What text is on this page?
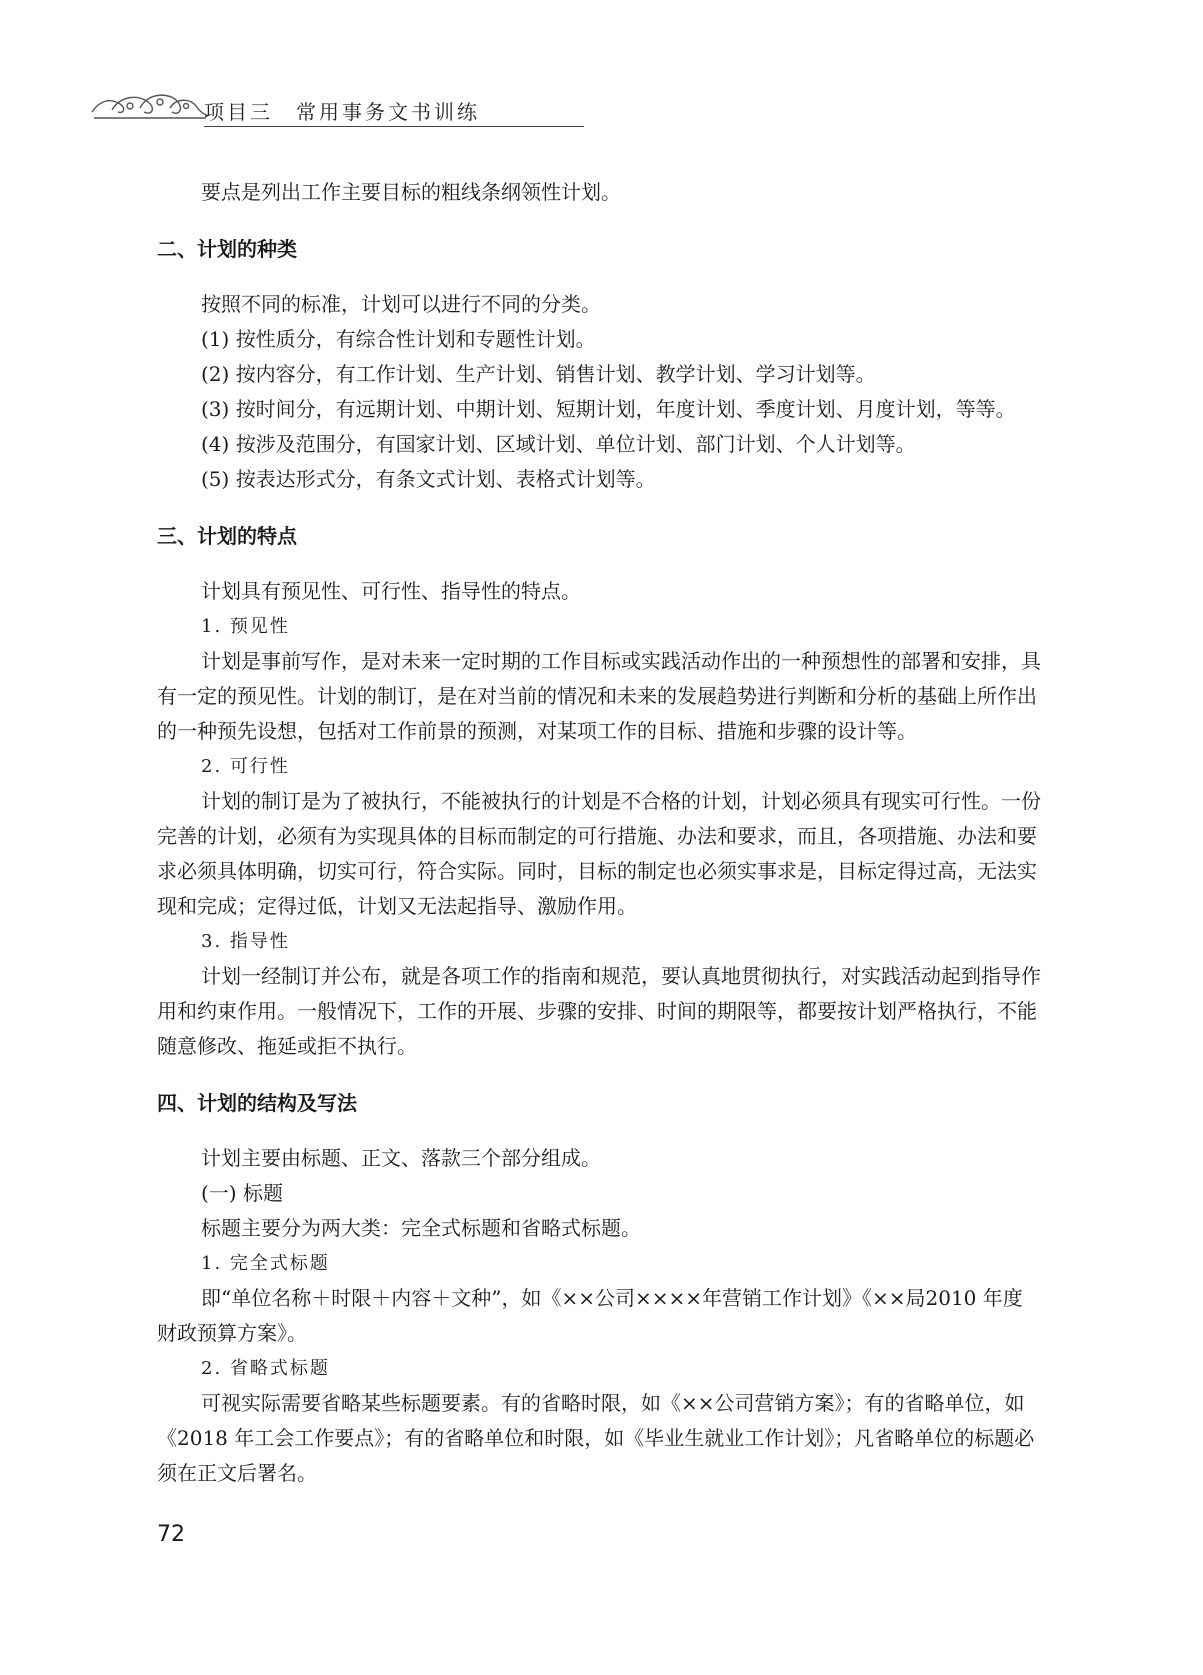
项目三　常用事务文书训练

要点是列出工作主要目标的粗线条纲领性计划。

二、计划的种类

按照不同的标准，计划可以进行不同的分类。

(1) 按性质分，有综合性计划和专题性计划。

(2) 按内容分，有工作计划、生产计划、销售计划、教学计划、学习计划等。

(3) 按时间分，有远期计划、中期计划、短期计划，年度计划、季度计划、月度计划，等等。

(4) 按涉及范围分，有国家计划、区域计划、单位计划、部门计划、个人计划等。

(5) 按表达形式分，有条文式计划、表格式计划等。

三、计划的特点

计划具有预见性、可行性、指导性的特点。

1. 预见性

计划是事前写作，是对未来一定时期的工作目标或实践活动作出的一种预想性的部署和安排，具有一定的预见性。计划的制订，是在对当前的情况和未来的发展趋势进行判断和分析的基础上所作出的一种预先设想，包括对工作前景的预测，对某项工作的目标、措施和步骤的设计等。

2. 可行性

计划的制订是为了被执行，不能被执行的计划是不合格的计划，计划必须具有现实可行性。一份完善的计划，必须有为实现具体的目标而制定的可行措施、办法和要求，而且，各项措施、办法和要求必须具体明确，切实可行，符合实际。同时，目标的制定也必须实事求是，目标定得过高，无法实现和完成；定得过低，计划又无法起指导、激励作用。

3. 指导性

计划一经制订并公布，就是各项工作的指南和规范，要认真地贯彻执行，对实践活动起到指导作用和约束作用。一般情况下，工作的开展、步骤的安排、时间的期限等，都要按计划严格执行，不能随意修改、拖延或拒不执行。

四、计划的结构及写法

计划主要由标题、正文、落款三个部分组成。

(一) 标题

标题主要分为两大类：完全式标题和省略式标题。

1. 完全式标题

即“单位名称＋时限＋内容＋文种”，如《××公司××××年营销工作计划》《××局2010 年度财政预算方案》。

2. 省略式标题

可视实际需要省略某些标题要素。有的省略时限，如《××公司营销方案》；有的省略单位，如《2018 年工会工作要点》；有的省略单位和时限，如《毕业生就业工作计划》；凡省略单位的标题必须在正文后署名。

72
